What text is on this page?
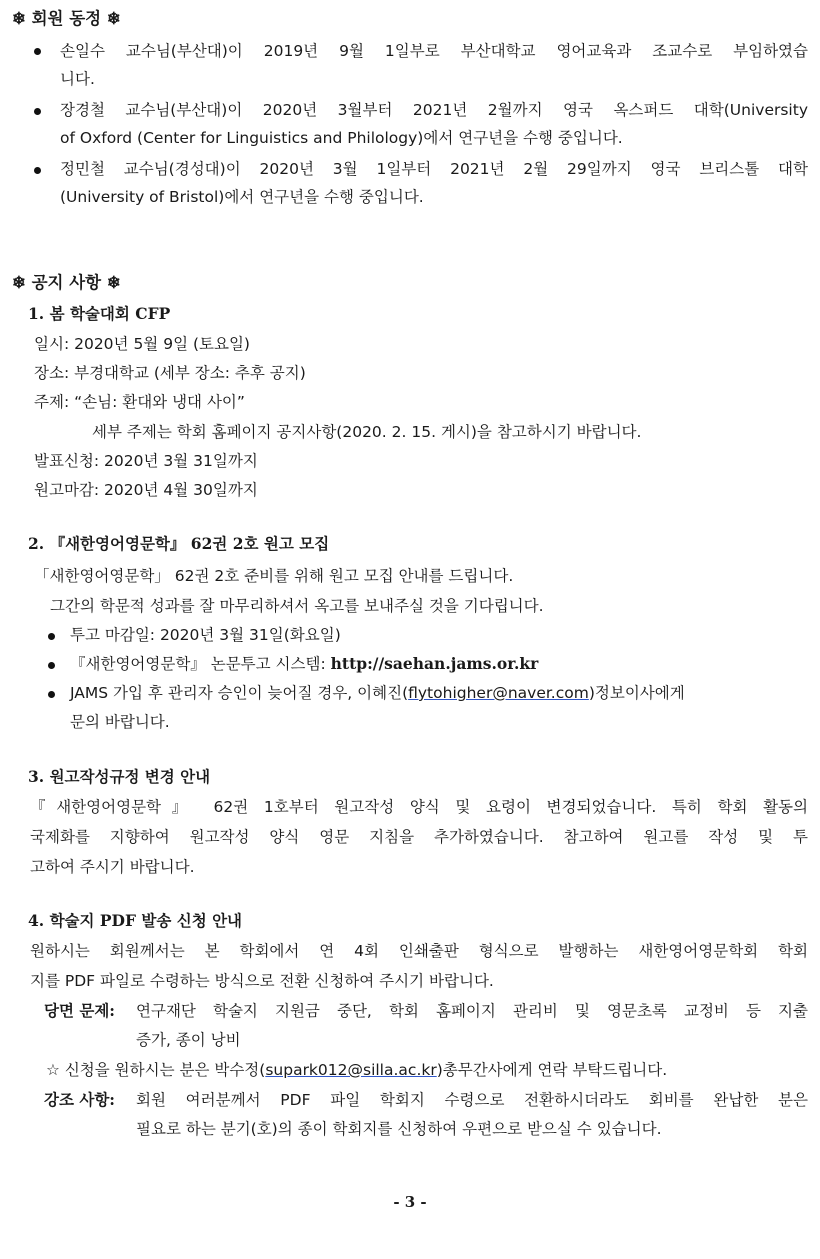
❄ 회원 동정 ❄
손일수 교수님(부산대)이 2019년 9월 1일부로 부산대학교 영어교육과 조교수로 부임하였습
니다.
장경철 교수님(부산대)이 2020년 3월부터 2021년 2월까지 영국 옥스퍼드 대학(University
of Oxford (Center for Linguistics and Philology)에서 연구년을 수행 중입니다.
정민철 교수님(경성대)이 2020년 3월 1일부터 2021년 2월 29일까지 영국 브리스톨 대학
(University of Bristol)에서 연구년을 수행 중입니다.
❄ 공지 사항 ❄
1. 봄 학술대회 CFP
일시: 2020년 5월 9일 (토요일)
장소: 부경대학교 (세부 장소: 추후 공지)
주제: “손님: 환대와 냉대 사이”
세부 주제는 학회 홈페이지 공지사항(2020. 2. 15. 게시)을 참고하시기 바랍니다.
발표신청: 2020년 3월 31일까지
원고마감: 2020년 4월 30일까지
2. 『새한영어영문학』 62권 2호 원고 모집
「새한영어영문학」 62권 2호 준비를 위해 원고 모집 안내를 드립니다.
그간의 학문적 성과를 잘 마무리하셔서 옥고를 보내주실 것을 기다립니다.
투고 마감일: 2020년 3월 31일(화요일)
『새한영어영문학』 논문투고 시스템: http://saehan.jams.or.kr
JAMS 가입 후 관리자 승인이 늦어질 경우, 이혜진(flytohigher@naver.com)정보이사에게
문의 바랍니다.
3. 원고작성규정 변경 안내
『새한영어영문학』 62권 1호부터 원고작성 양식 및 요령이 변경되었습니다. 특히 학회 활동의
국제화를 지향하여 원고작성 양식 영문 지침을 추가하였습니다. 참고하여 원고를 작성 및 투
고하여 주시기 바랍니다.
4. 학술지 PDF 발송 신청 안내
원하시는 회원께서는 본 학회에서 연 4회 인쇄출판 형식으로 발행하는 새한영어영문학회 학회
지를 PDF 파일로 수령하는 방식으로 전환 신청하여 주시기 바랍니다.
당면 문제: 연구재단 학술지 지원금 중단, 학회 홈페이지 관리비 및 영문초록 교정비 등 지출
증가, 종이 낭비
☆ 신청을 원하시는 분은 박수정(supark012@silla.ac.kr)총무간사에게 연락 부탁드립니다.
강조 사항: 회원 여러분께서 PDF 파일 학회지 수령으로 전환하시더라도 회비를 완납한 분은
필요로 하는 분기(호)의 종이 학회지를 신청하여 우편으로 받으실 수 있습니다.
- 3 -
